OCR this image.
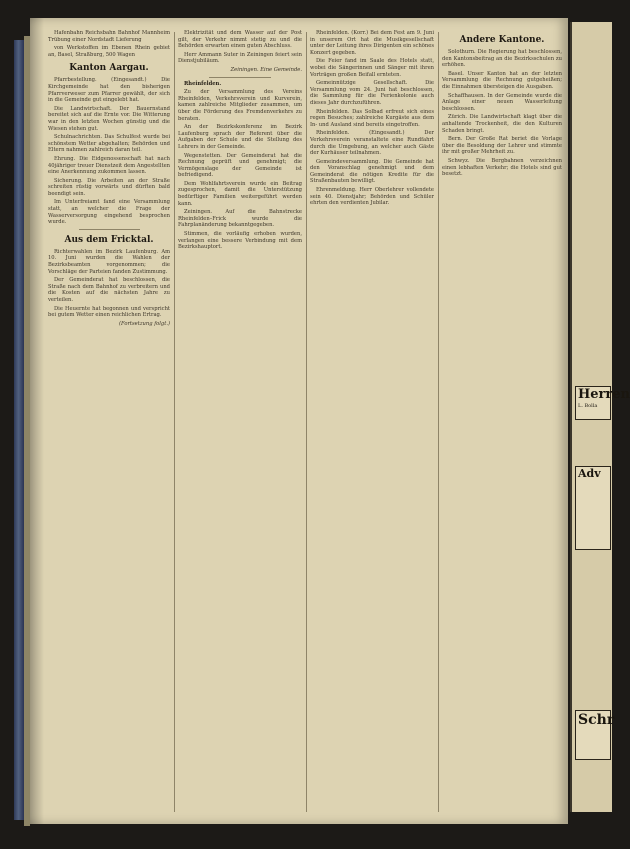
Hafenbahn Reichsbahn Bahnhof Mannheim Trübung einer Nordstadt Lieferung

von Werkstoffen im Ebenen Rhein gebiet an, Basel, Straßburg, 500 Wagen

Kanton Aargau.

Pfarrbestellung. (Eingesandt.) Die Kirchgemeinde hat den bisherigen Pfarrverweser zum Pfarrer gewählt, der sich in die Gemeinde gut eingelebt hat.

Die Landwirtschaft. Der Bauernstand bereitet sich auf die Ernte vor. Die Witterung war in den letzten Wochen günstig und die Wiesen stehen gut.

Schulnachrichten. Das Schulfest wurde bei schönstem Wetter abgehalten; Behörden und Eltern nahmen zahlreich daran teil.

Ehrung. Die Eidgenossenschaft hat nach 40jähriger treuer Dienstzeit dem Angestellten eine Anerkennung zukommen lassen.

Sicherung. Die Arbeiten an der Straße schreiten rüstig vorwärts und dürften bald beendigt sein.

Im Unterfreiamt fand eine Versammlung statt, an welcher die Frage der Wasserversorgung eingehend besprochen wurde.

Aus dem Fricktal.

Richterwahlen im Bezirk Laufenburg. Am 10. Juni wurden die Wahlen der Bezirksbeamten vorgenommen; die Vorschläge der Parteien fanden Zustimmung.

Der Gemeinderat hat beschlossen, die Straße nach dem Bahnhof zu verbreitern und die Kosten auf die nächsten Jahre zu verteilen.

Die Heuernte hat begonnen und verspricht bei gutem Wetter einen reichlichen Ertrag.

(Fortsetzung folgt.)

Elektrizität und dem Wasser auf der Post gilt, der Verkehr nimmt stetig zu und die Behörden erwarten einen guten Abschluss.

Herr Ammann Suter in Zeiningen feiert sein Dienstjubiläum.

Zeiningen. Eine Gemeinde.

Rheinfelden.

Zu der Versammlung des Vereins Rheinfelden, Verkehrsverein und Kurverein, kamen zahlreiche Mitglieder zusammen, um über die Förderung des Fremdenverkehrs zu beraten.

An der Bezirkskonferenz im Bezirk Laufenburg sprach der Referent über die Aufgaben der Schule und die Stellung des Lehrers in der Gemeinde.

Wegenstetten. Der Gemeinderat hat die Rechnung geprüft und genehmigt; die Vermögenslage der Gemeinde ist befriedigend.

Dem Wohlfahrtsverein wurde ein Beitrag zugesprochen, damit die Unterstützung bedürftiger Familien weitergeführt werden kann.

Zeiningen. Auf die Bahnstrecke Rheinfelden–Frick wurde die Fahrplanänderung bekanntgegeben.

Stimmen, die vorläufig erhoben wurden, verlangen eine bessere Verbindung mit dem Bezirkshauptort.

Rheinfelden. (Korr.) Bei dem Fest am 9. Juni in unserem Ort hat die Musikgesellschaft unter der Leitung ihres Dirigenten ein schönes Konzert gegeben.

Die Feier fand im Saale des Hotels statt, wobei die Sängerinnen und Sänger mit ihren Vorträgen großen Beifall ernteten.

Gemeinnützige Gesellschaft. Die Versammlung vom 24. Juni hat beschlossen, die Sammlung für die Ferienkolonie auch dieses Jahr durchzuführen.

Rheinfelden. Das Solbad erfreut sich eines regen Besuches; zahlreiche Kurgäste aus dem In- und Ausland sind bereits eingetroffen.

Rheinfelden. (Eingesandt.) Der Verkehrsverein veranstaltete eine Rundfahrt durch die Umgebung, an welcher auch Gäste der Kurhäuser teilnahmen.

Gemeindeversammlung. Die Gemeinde hat den Voranschlag genehmigt und dem Gemeinderat die nötigen Kredite für die Straßenbauten bewilligt.

Ehrenmeldung. Herr Oberlehrer vollendete sein 40. Dienstjahr; Behörden und Schüler ehrten den verdienten Jubilar.

Andere Kantone.

Solothurn. Die Regierung hat beschlossen, den Kantonsbeitrag an die Bezirksschulen zu erhöhen.

Basel. Unser Kanton hat an der letzten Versammlung die Rechnung gutgeheißen; die Einnahmen übersteigen die Ausgaben.

Schaffhausen. In der Gemeinde wurde die Anlage einer neuen Wasserleitung beschlossen.

Zürich. Die Landwirtschaft klagt über die anhaltende Trockenheit, die den Kulturen Schaden bringt.

Bern. Der Große Rat beriet die Vorlage über die Besoldung der Lehrer und stimmte ihr mit großer Mehrheit zu.

Schwyz. Die Bergbahnen verzeichnen einen lebhaften Verkehr; die Hotels sind gut besetzt.

Herren
L. Bolla
Adv
Schr
